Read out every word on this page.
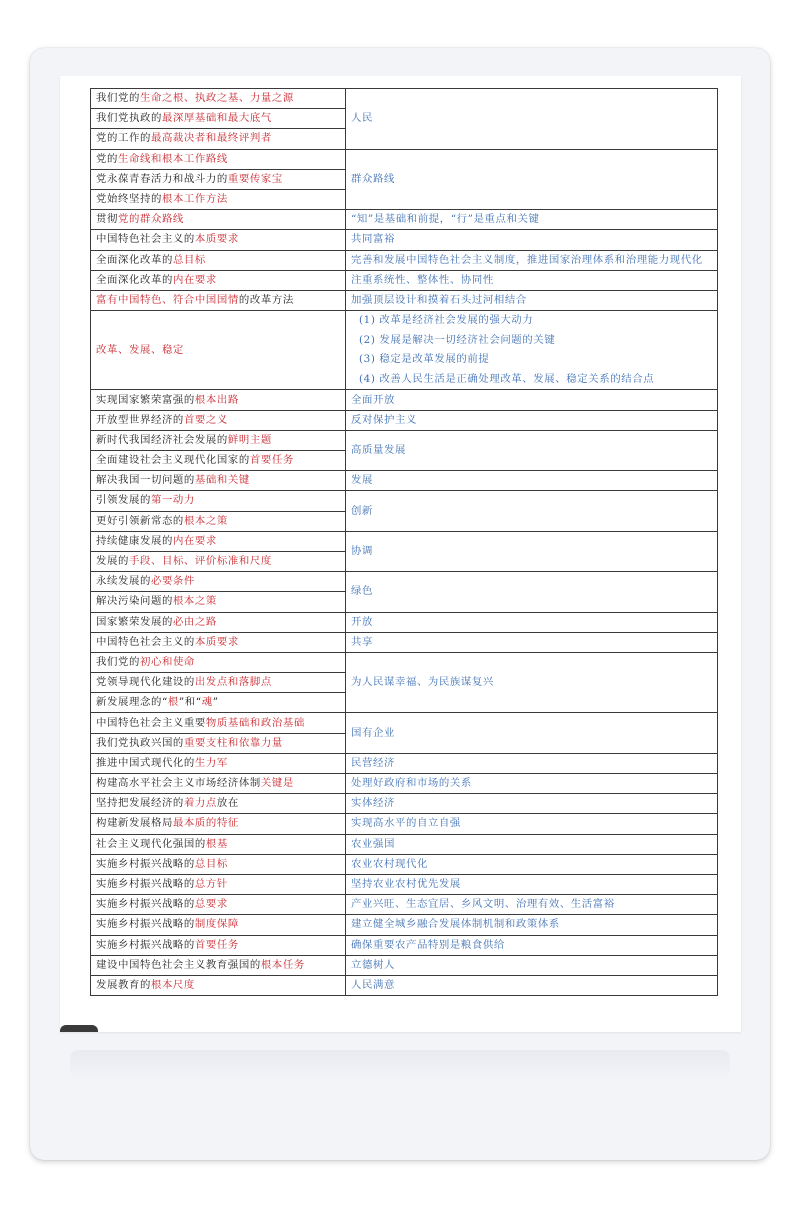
我们党的生命之根、执政之基、力量之源	人民
我们党执政的最深厚基础和最大底气	
党的工作的最高裁决者和最终评判者	
党的生命线和根本工作路线	群众路线
党永葆青春活力和战斗力的重要传家宝	
党始终坚持的根本工作方法	
贯彻党的群众路线	“知”是基础和前提，“行”是重点和关键
中国特色社会主义的本质要求	共同富裕
全面深化改革的总目标	完善和发展中国特色社会主义制度，推进国家治理体系和治理能力现代化
全面深化改革的内在要求	注重系统性、整体性、协同性
富有中国特色、符合中国国情的改革方法	加强顶层设计和摸着石头过河相结合
改革、发展、稳定	(1) 改革是经济社会发展的强大动力
(2) 发展是解决一切经济社会问题的关键
(3) 稳定是改革发展的前提
(4) 改善人民生活是正确处理改革、发展、稳定关系的结合点

实现国家繁荣富强的根本出路	全面开放
开放型世界经济的首要之义	反对保护主义
新时代我国经济社会发展的鲜明主题	高质量发展
全面建设社会主义现代化国家的首要任务	
解决我国一切问题的基础和关键	发展
引领发展的第一动力	创新
更好引领新常态的根本之策	
持续健康发展的内在要求	协调
发展的手段、目标、评价标准和尺度	
永续发展的必要条件	绿色
解决污染问题的根本之策	
国家繁荣发展的必由之路	开放
中国特色社会主义的本质要求	共享
我们党的初心和使命	为人民谋幸福、为民族谋复兴
党领导现代化建设的出发点和落脚点	
新发展理念的“根”和“魂”	
中国特色社会主义重要物质基础和政治基础	国有企业
我们党执政兴国的重要支柱和依靠力量	
推进中国式现代化的生力军	民营经济
构建高水平社会主义市场经济体制关键是	处理好政府和市场的关系
坚持把发展经济的着力点放在	实体经济
构建新发展格局最本质的特征	实现高水平的自立自强
社会主义现代化强国的根基	农业强国
实施乡村振兴战略的总目标	农业农村现代化
实施乡村振兴战略的总方针	坚持农业农村优先发展
实施乡村振兴战略的总要求	产业兴旺、生态宜居、乡风文明、治理有效、生活富裕
实施乡村振兴战略的制度保障	建立健全城乡融合发展体制机制和政策体系
实施乡村振兴战略的首要任务	确保重要农产品特别是粮食供给
建设中国特色社会主义教育强国的根本任务	立德树人
发展教育的根本尺度	人民满意
